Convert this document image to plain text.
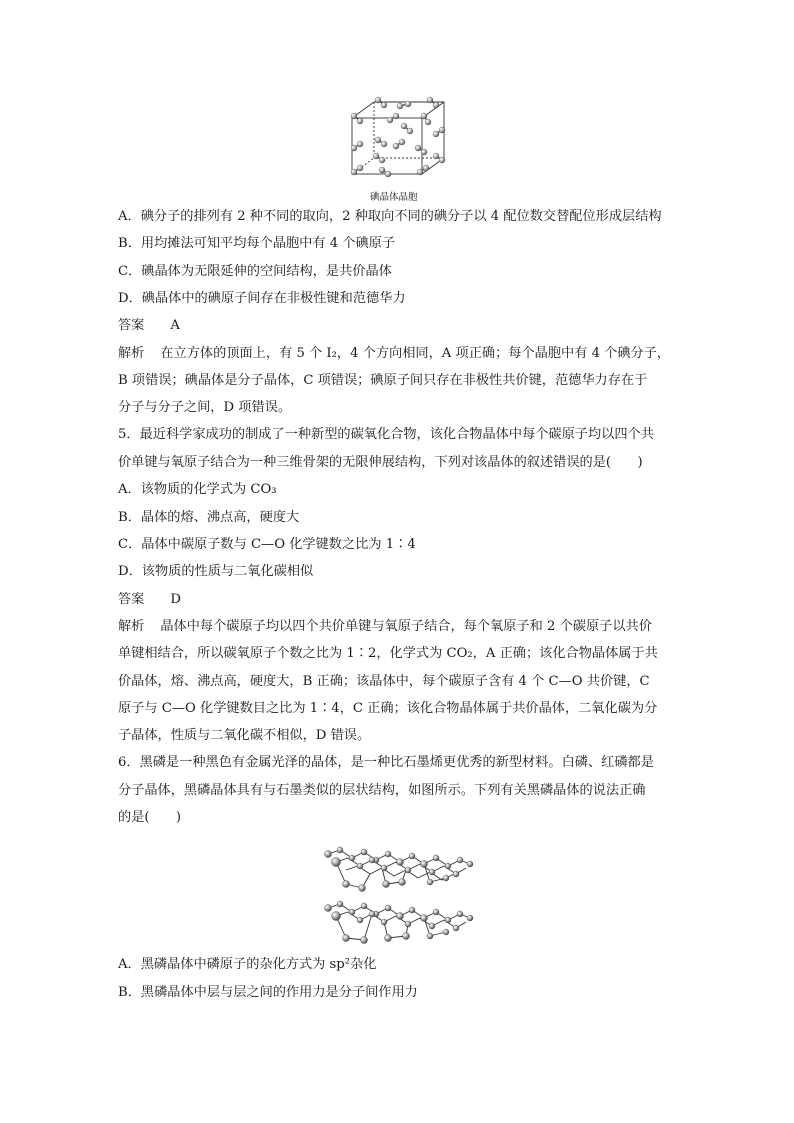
碘晶体晶胞
A．碘分子的排列有 2 种不同的取向，2 种取向不同的碘分子以 4 配位数交替配位形成层结构
B．用均摊法可知平均每个晶胞中有 4 个碘原子
C．碘晶体为无限延伸的空间结构，是共价晶体
D．碘晶体中的碘原子间存在非极性键和范德华力
答案 A
解析 在立方体的顶面上，有 5 个 I₂，4 个方向相同，A 项正确；每个晶胞中有 4 个碘分子，
B 项错误；碘晶体是分子晶体，C 项错误；碘原子间只存在非极性共价键，范德华力存在于
分子与分子之间，D 项错误。
5．最近科学家成功的制成了一种新型的碳氧化合物，该化合物晶体中每个碳原子均以四个共
价单键与氧原子结合为一种三维骨架的无限伸展结构，下列对该晶体的叙述错误的是(　　)
A．该物质的化学式为 CO₃
B．晶体的熔、沸点高，硬度大
C．晶体中碳原子数与 C—O 化学键数之比为 1∶4
D．该物质的性质与二氧化碳相似
答案 D
解析 晶体中每个碳原子均以四个共价单键与氧原子结合，每个氧原子和 2 个碳原子以共价
单键相结合，所以碳氧原子个数之比为 1∶2，化学式为 CO₂，A 正确；该化合物晶体属于共
价晶体，熔、沸点高，硬度大，B 正确；该晶体中，每个碳原子含有 4 个 C—O 共价键，C
原子与 C—O 化学键数目之比为 1∶4，C 正确；该化合物晶体属于共价晶体，二氧化碳为分
子晶体，性质与二氧化碳不相似，D 错误。
6．黑磷是一种黑色有金属光泽的晶体，是一种比石墨烯更优秀的新型材料。白磷、红磷都是
分子晶体，黑磷晶体具有与石墨类似的层状结构，如图所示。下列有关黑磷晶体的说法正确
的是(　　)
A．黑磷晶体中磷原子的杂化方式为 sp²杂化
B．黑磷晶体中层与层之间的作用力是分子间作用力
